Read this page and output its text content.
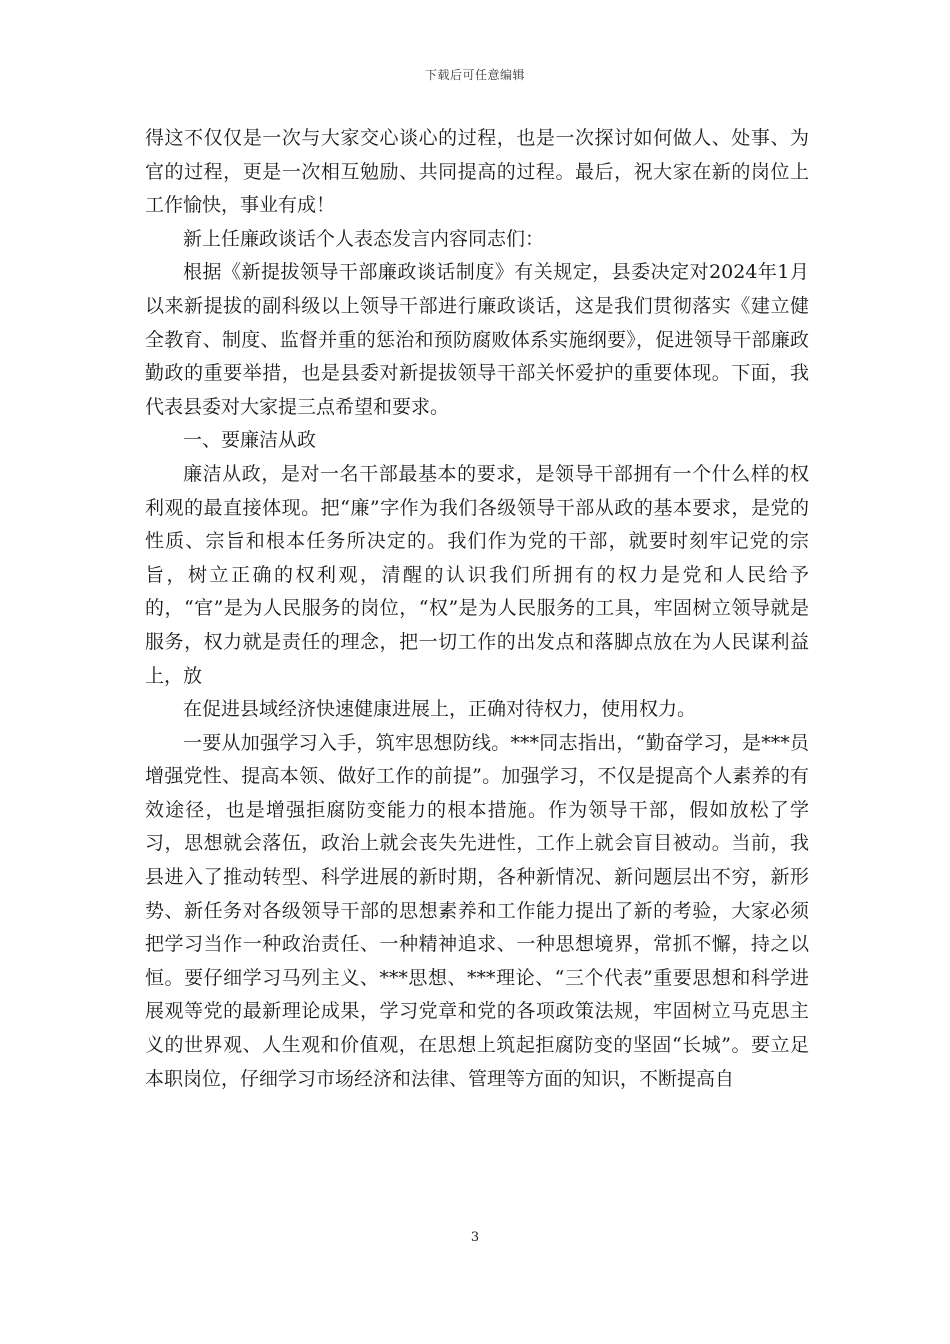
下载后可任意编辑

得这不仅仅是一次与大家交心谈心的过程，也是一次探讨如何做人、处事、为官的过程，更是一次相互勉励、共同提高的过程。最后，祝大家在新的岗位上工作愉快，事业有成！

新上任廉政谈话个人表态发言内容同志们：

根据《新提拔领导干部廉政谈话制度》有关规定，县委决定对2024年1月以来新提拔的副科级以上领导干部进行廉政谈话，这是我们贯彻落实《建立健全教育、制度、监督并重的惩治和预防腐败体系实施纲要》，促进领导干部廉政勤政的重要举措，也是县委对新提拔领导干部关怀爱护的重要体现。下面，我代表县委对大家提三点希望和要求。

一、要廉洁从政

廉洁从政，是对一名干部最基本的要求，是领导干部拥有一个什么样的权利观的最直接体现。把“廉”字作为我们各级领导干部从政的基本要求，是党的性质、宗旨和根本任务所决定的。我们作为党的干部，就要时刻牢记党的宗旨，树立正确的权利观，清醒的认识我们所拥有的权力是党和人民给予的，“官”是为人民服务的岗位，“权”是为人民服务的工具，牢固树立领导就是服务，权力就是责任的理念，把一切工作的出发点和落脚点放在为人民谋利益上，放

在促进县域经济快速健康进展上，正确对待权力，使用权力。

一要从加强学习入手，筑牢思想防线。***同志指出，“勤奋学习，是***员增强党性、提高本领、做好工作的前提”。加强学习，不仅是提高个人素养的有效途径，也是增强拒腐防变能力的根本措施。作为领导干部，假如放松了学习，思想就会落伍，政治上就会丧失先进性，工作上就会盲目被动。当前，我县进入了推动转型、科学进展的新时期，各种新情况、新问题层出不穷，新形势、新任务对各级领导干部的思想素养和工作能力提出了新的考验，大家必须把学习当作一种政治责任、一种精神追求、一种思想境界，常抓不懈，持之以恒。要仔细学习马列主义、***思想、***理论、“三个代表”重要思想和科学进展观等党的最新理论成果，学习党章和党的各项政策法规，牢固树立马克思主义的世界观、人生观和价值观，在思想上筑起拒腐防变的坚固“长城”。要立足本职岗位，仔细学习市场经济和法律、管理等方面的知识，不断提高自

3
